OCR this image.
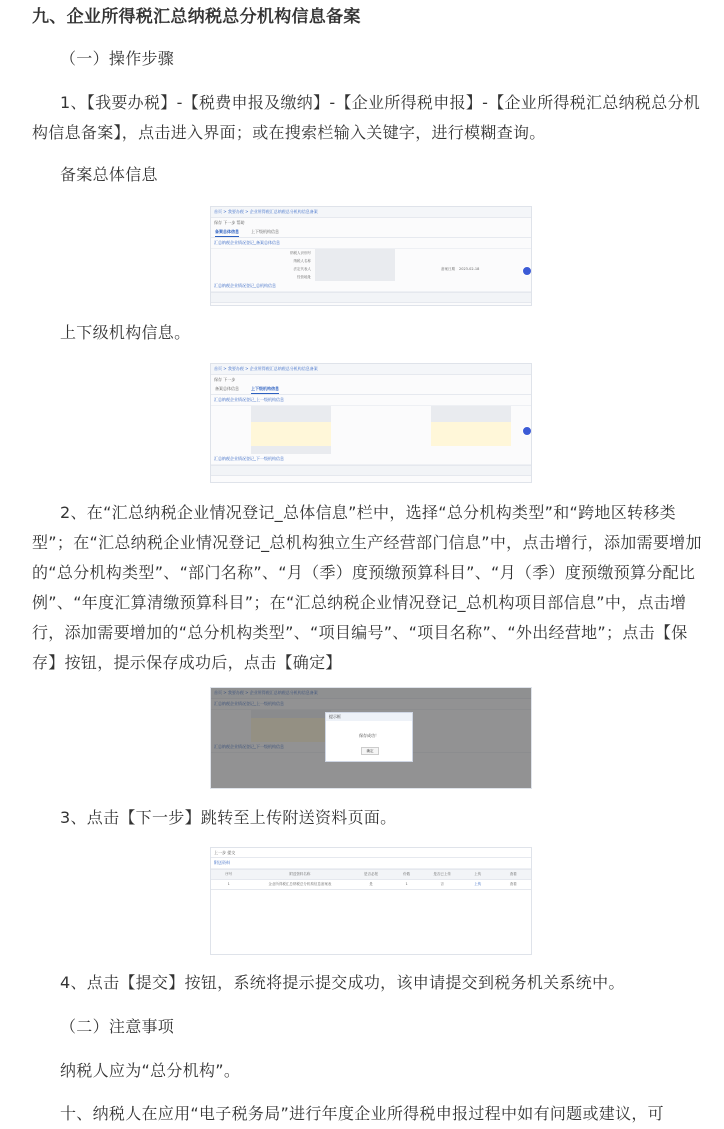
九、企业所得税汇总纳税总分机构信息备案
（一）操作步骤
1、【我要办税】-【税费申报及缴纳】-【企业所得税申报】-【企业所得税汇总纳税总分机构信息备案】，点击进入界面；或在搜索栏输入关键字，进行模糊查询。
备案总体信息
首页 > 我要办税 > 企业所得税汇总纳税总分机构信息备案
保存 下一步 帮助
备案总体信息	上下级机构信息
汇总纳税企业情况登记_备案总体信息
纳税人识别号
纳税人名称
法定代表人	备案日期	2023-02-18
经营地址
汇总纳税企业情况登记_总机构信息
上下级机构信息。
首页 > 我要办税 > 企业所得税汇总纳税总分机构信息备案
保存 下一步
备案总体信息	上下级机构信息
汇总纳税企业情况登记_上一级机构信息
汇总纳税企业情况登记_下一级机构信息
2、在“汇总纳税企业情况登记_总体信息”栏中，选择“总分机构类型”和“跨地区转移类型”；在“汇总纳税企业情况登记_总机构独立生产经营部门信息”中，点击增行，添加需要增加的“总分机构类型”、“部门名称”、“月（季）度预缴预算科目”、“月（季）度预缴预算分配比例”、“年度汇算清缴预算科目”；在“汇总纳税企业情况登记_总机构项目部信息”中，点击增行，添加需要增加的“总分机构类型”、“项目编号”、“项目名称”、“外出经营地”；点击【保存】按钮，提示保存成功后，点击【确定】
提示框
保存成功！
确定
3、点击【下一步】跳转至上传附送资料页面。
上一步 提交
附送资料
序号	附送资料名称	是否必报	份数	是否已上传	上传	查看
1	企业所得税汇总纳税总分机构信息备案表	是	1	否	上传	查看
4、点击【提交】按钮，系统将提示提交成功，该申请提交到税务机关系统中。
（二）注意事项
纳税人应为“总分机构”。
十、纳税人在应用“电子税务局”进行年度企业所得税申报过程中如有问题或建议，可
